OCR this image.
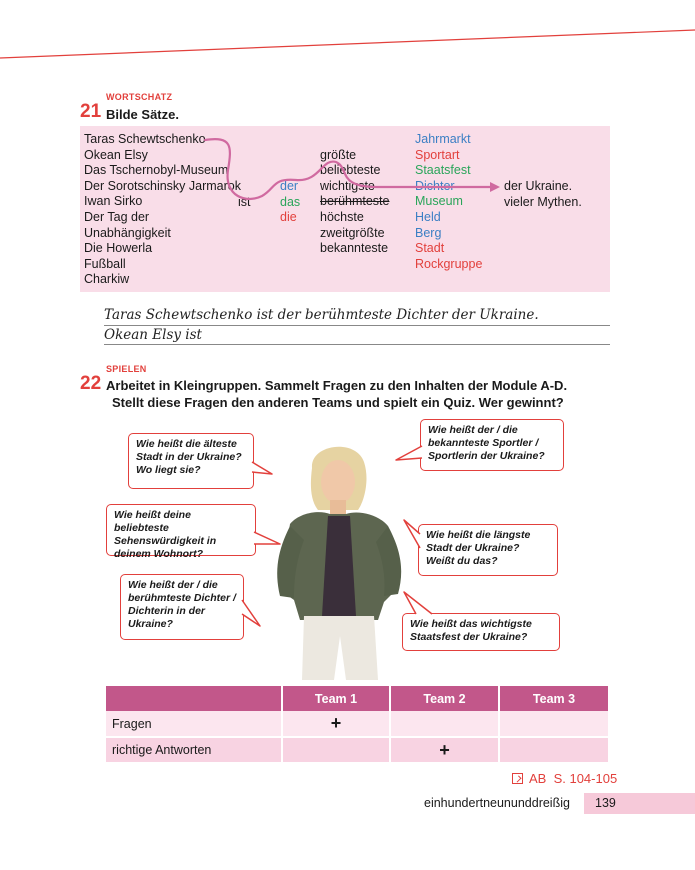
WORTSCHATZ
21 Bilde Sätze.
Taras Schewtschenko
Okean Elsy
Das Tschernobyl-Museum
Der Sorotschinsky Jarmarok
Iwan Sirko
Der Tag der
Unabhängigkeit
Die Howerla
Fußball
Charkiw
ist
der
das
die
größte
beliebteste
wichtigste
berühmteste
höchste
zweitgrößte
bekannteste
Jahrmarkt
Sportart
Staatsfest
Dichter
Museum
Held
Berg
Stadt
Rockgruppe
der Ukraine.
vieler Mythen.
Taras Schewtschenko ist der berühmteste Dichter der Ukraine.
Okean Elsy ist
SPIELEN
22 Arbeitet in Kleingruppen. Sammelt Fragen zu den Inhalten der Module A-D.
Stellt diese Fragen den anderen Teams und spielt ein Quiz. Wer gewinnt?
Wie heißt die älteste Stadt in der Ukraine? Wo liegt sie?
Wie heißt deine beliebteste Sehenswürdigkeit in deinem Wohnort?
Wie heißt der / die berühmteste Dichter / Dichterin in der Ukraine?
Wie heißt der / die bekannteste Sportler / Sportlerin der Ukraine?
Wie heißt die längste Stadt der Ukraine? Weißt du das?
Wie heißt das wichtigste Staatsfest der Ukraine?
	Team 1	Team 2	Team 3
Fragen	+		
richtige Antworten		+	
AB  S. 104-105
einhundertneununddreißig 139
